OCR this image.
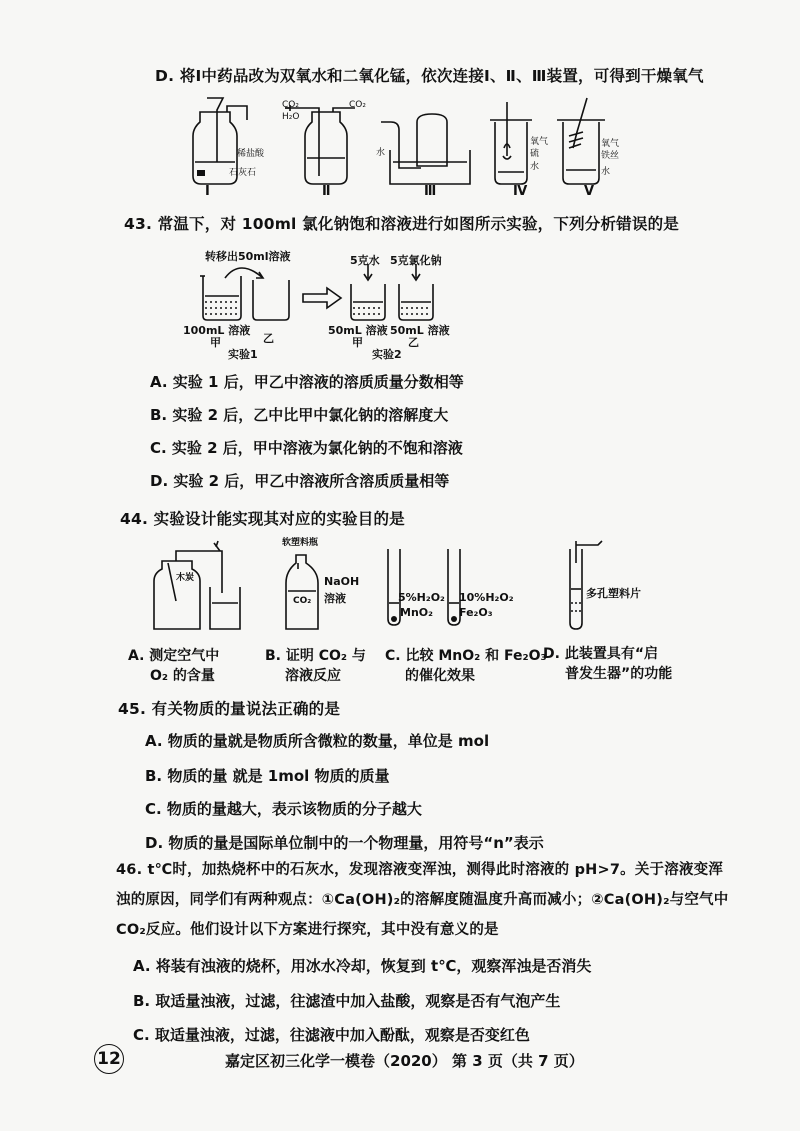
D. 将Ⅰ中药品改为双氧水和二氧化锰，依次连接Ⅰ、Ⅱ、Ⅲ装置，可得到干燥氧气
稀盐酸
石灰石
CO₂
H₂O
CO₂
水
氧气
硫
水
氧气
铁丝
水
Ⅰ	Ⅱ	Ⅲ	Ⅳ	Ⅴ
43. 常温下，对 100ml 氯化钠饱和溶液进行如图所示实验，下列分析错误的是
转移出50ml溶液	5克水 5克氯化钠
100mL 溶液
甲	乙
实验1
50mL 溶液 50mL 溶液
甲	乙
实验2
A. 实验 1 后，甲乙中溶液的溶质质量分数相等
B. 实验 2 后，乙中比甲中氯化钠的溶解度大
C. 实验 2 后，甲中溶液为氯化钠的不饱和溶液
D. 实验 2 后，甲乙中溶液所含溶质质量相等
44. 实验设计能实现其对应的实验目的是
木炭
软塑料瓶
CO₂
NaOH
溶液	5%H₂O₂
MnO₂
10%H₂O₂
Fe₂O₃
多孔塑料片
A. 测定空气中
O₂ 的含量
B. 证明 CO₂ 与
溶液反应
C. 比较 MnO₂ 和 Fe₂O₃
的催化效果
D. 此装置具有“启
普发生器”的功能
45. 有关物质的量说法正确的是
A. 物质的量就是物质所含微粒的数量，单位是 mol
B. 物质的量 就是 1mol 物质的质量
C. 物质的量越大，表示该物质的分子越大
D. 物质的量是国际单位制中的一个物理量，用符号“n”表示
46. t℃时，加热烧杯中的石灰水，发现溶液变浑浊，测得此时溶液的 pH>7。关于溶液变浑
浊的原因，同学们有两种观点：①Ca(OH)₂的溶解度随温度升高而减小；②Ca(OH)₂与空气中
CO₂反应。他们设计以下方案进行探究，其中没有意义的是
A. 将装有浊液的烧杯，用冰水冷却，恢复到 t℃，观察浑浊是否消失
B. 取适量浊液，过滤，往滤渣中加入盐酸，观察是否有气泡产生
C. 取适量浊液，过滤，往滤液中加入酚酞，观察是否变红色
12	嘉定区初三化学一模卷（2020） 第 3 页（共 7 页）
